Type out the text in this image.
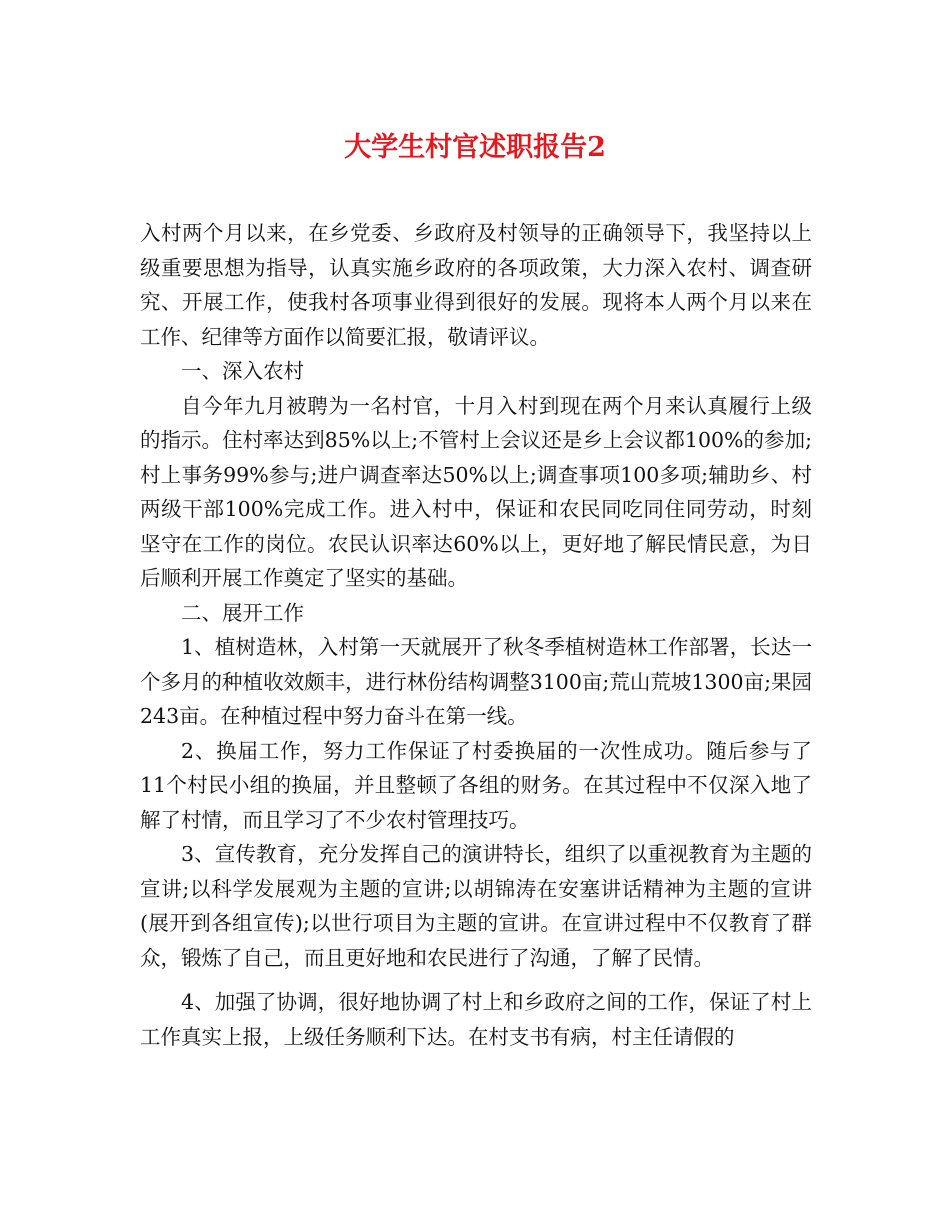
大学生村官述职报告2

入村两个月以来，在乡党委、乡政府及村领导的正确领导下，我坚持以上级重要思想为指导，认真实施乡政府的各项政策，大力深入农村、调查研究、开展工作，使我村各项事业得到很好的发展。现将本人两个月以来在工作、纪律等方面作以简要汇报，敬请评议。

一、深入农村

自今年九月被聘为一名村官，十月入村到现在两个月来认真履行上级的指示。住村率达到85%以上;不管村上会议还是乡上会议都100%的参加;村上事务99%参与;进户调查率达50%以上;调查事项100多项;辅助乡、村两级干部100%完成工作。进入村中，保证和农民同吃同住同劳动，时刻坚守在工作的岗位。农民认识率达60%以上，更好地了解民情民意，为日后顺利开展工作奠定了坚实的基础。

二、展开工作

1、植树造林，入村第一天就展开了秋冬季植树造林工作部署，长达一个多月的种植收效颇丰，进行林份结构调整3100亩;荒山荒坡1300亩;果园243亩。在种植过程中努力奋斗在第一线。

2、换届工作，努力工作保证了村委换届的一次性成功。随后参与了11个村民小组的换届，并且整顿了各组的财务。在其过程中不仅深入地了解了村情，而且学习了不少农村管理技巧。

3、宣传教育，充分发挥自己的演讲特长，组织了以重视教育为主题的宣讲;以科学发展观为主题的宣讲;以胡锦涛在安塞讲话精神为主题的宣讲(展开到各组宣传);以世行项目为主题的宣讲。在宣讲过程中不仅教育了群众，锻炼了自己，而且更好地和农民进行了沟通，了解了民情。

4、加强了协调，很好地协调了村上和乡政府之间的工作，保证了村上工作真实上报，上级任务顺利下达。在村支书有病，村主任请假的
